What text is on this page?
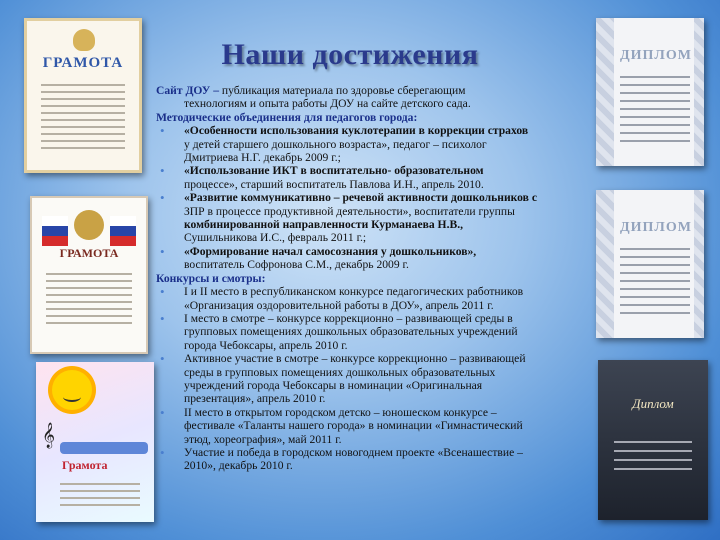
Наши достижения
ГРАМОТА
ГРАМОТА
𝄞
Грамота
ДИПЛОМ
ДИПЛОМ
Диплом

Сайт ДОУ – публикация материала по здоровье сберегающим

технологиям и опыта работы ДОУ на сайте детского сада.

Методические объединения для педагогов города:

• «Особенности использования куклотерапии в коррекции страхов
у детей старшего дошкольного возраста», педагог – психолог
Дмитриева Н.Г. декабрь 2009 г.;
• «Использование ИКТ в воспитательно- образовательном
процессе», старший воспитатель Павлова И.Н., апрель 2010.
• «Развитие коммуникативно – речевой активности дошкольников с
ЗПР в процессе продуктивной деятельности», воспитатели группы
комбинированной направленности Курманаева Н.В.,
Сушильникова И.С., февраль 2011 г.;
• «Формирование начал самосознания у дошкольников»,
воспитатель Софронова С.М., декабрь 2009 г.

Конкурсы и смотры:

• I и II место в республиканском конкурсе педагогических работников
«Организация оздоровительной работы в ДОУ», апрель 2011 г.
• I место в смотре – конкурсе коррекционно – развивающей среды в
групповых помещениях дошкольных образовательных учреждений
города Чебоксары, апрель 2010 г.
• Активное участие в смотре – конкурсе коррекционно – развивающей
среды в групповых помещениях дошкольных образовательных
учреждений города Чебоксары в номинации «Оригинальная
презентация», апрель 2010 г.
• II место в открытом городском детско – юношеском конкурсе –
фестивале «Таланты нашего города» в номинации «Гимнастический
этюд, хореография», май 2011 г.
• Участие и победа в городском новогоднем проекте «Всенашествие –
2010», декабрь 2010 г.
